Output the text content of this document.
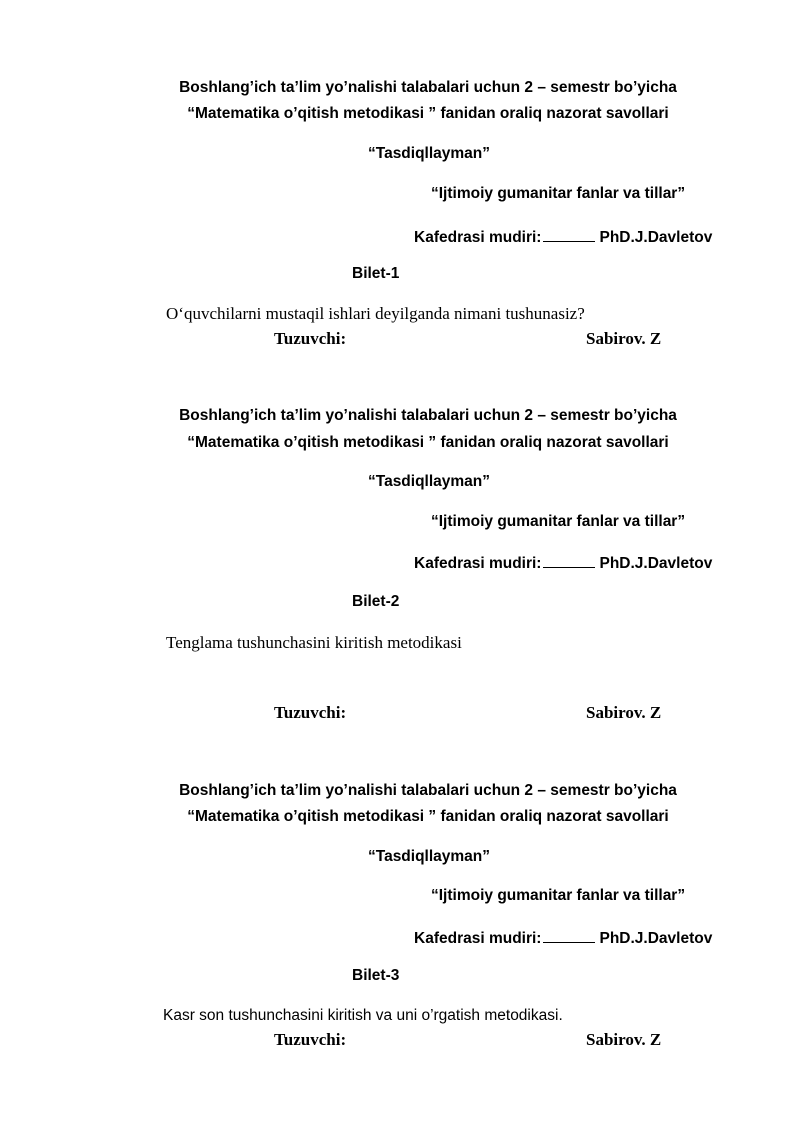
Boshlang’ich ta’lim yo’nalishi talabalari uchun 2 – semestr bo’yicha
“Matematika o’qitish metodikasi ” fanidan oraliq nazorat savollari
“Tasdiqllayman”
“Ijtimoiy gumanitar fanlar va tillar”
Kafedrasi mudiri:	PhD.J.Davletov
Bilet-1
O‘quvchilarni mustaqil ishlari deyilganda nimani tushunasiz?
Tuzuvchi:	Sabirov. Z
Boshlang’ich ta’lim yo’nalishi talabalari uchun 2 – semestr bo’yicha
“Matematika o’qitish metodikasi ” fanidan oraliq nazorat savollari
“Tasdiqllayman”
“Ijtimoiy gumanitar fanlar va tillar”
Kafedrasi mudiri:	PhD.J.Davletov
Bilet-2
Tenglama tushunchasini kiritish metodikasi
Tuzuvchi:	Sabirov. Z
Boshlang’ich ta’lim yo’nalishi talabalari uchun 2 – semestr bo’yicha
“Matematika o’qitish metodikasi ” fanidan oraliq nazorat savollari
“Tasdiqllayman”
“Ijtimoiy gumanitar fanlar va tillar”
Kafedrasi mudiri:	PhD.J.Davletov
Bilet-3
Kasr son tushunchasini kiritish va uni o’rgatish metodikasi.
Tuzuvchi:	Sabirov. Z
